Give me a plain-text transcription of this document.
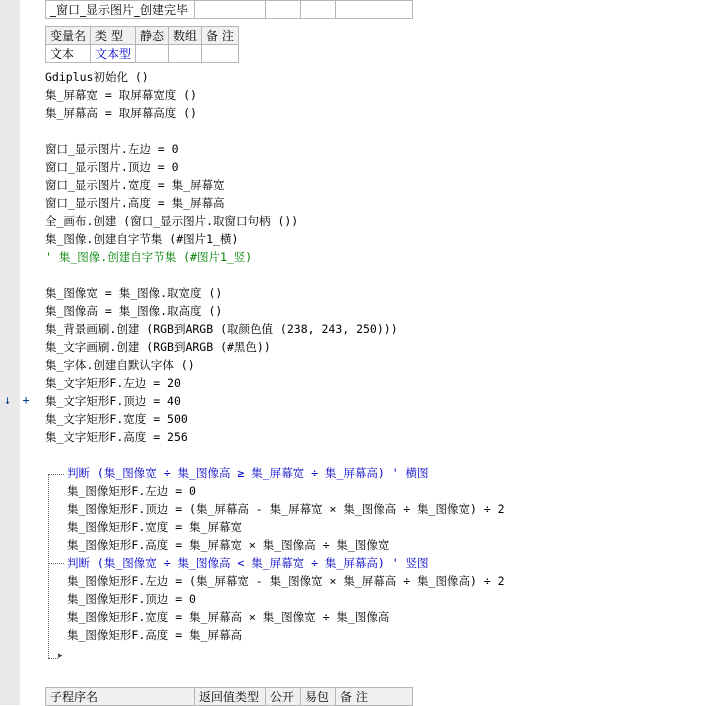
↓ +
_窗口_显示图片_创建完毕				
变量名	类 型	静态	数组	备 注
文本	文本型			
Gdiplus初始化 ()
集_屏幕宽 = 取屏幕宽度 ()
集_屏幕高 = 取屏幕高度 ()
窗口_显示图片.左边 = 0
窗口_显示图片.顶边 = 0
窗口_显示图片.宽度 = 集_屏幕宽
窗口_显示图片.高度 = 集_屏幕高
全_画布.创建 (窗口_显示图片.取窗口句柄 ())
集_图像.创建自字节集 (#图片1_横)
' 集_图像.创建自字节集 (#图片1_竖)
集_图像宽 = 集_图像.取宽度 ()
集_图像高 = 集_图像.取高度 ()
集_背景画刷.创建 (RGB到ARGB (取颜色值 (238, 243, 250)))
集_文字画刷.创建 (RGB到ARGB (#黑色))
集_字体.创建自默认字体 ()
集_文字矩形F.左边 = 20
集_文字矩形F.顶边 = 40
集_文字矩形F.宽度 = 500
集_文字矩形F.高度 = 256
判断 (集_图像宽 ÷ 集_图像高 ≥ 集_屏幕宽 ÷ 集_屏幕高) ' 横图
集_图像矩形F.左边 = 0
集_图像矩形F.顶边 = (集_屏幕高 - 集_屏幕宽 × 集_图像高 ÷ 集_图像宽) ÷ 2
集_图像矩形F.宽度 = 集_屏幕宽
集_图像矩形F.高度 = 集_屏幕宽 × 集_图像高 ÷ 集_图像宽
判断 (集_图像宽 ÷ 集_图像高 < 集_屏幕宽 ÷ 集_屏幕高) ' 竖图
集_图像矩形F.左边 = (集_屏幕宽 - 集_图像宽 × 集_屏幕高 ÷ 集_图像高) ÷ 2
集_图像矩形F.顶边 = 0
集_图像矩形F.宽度 = 集_屏幕高 × 集_图像宽 ÷ 集_图像高
集_图像矩形F.高度 = 集_屏幕高
▸
子程序名	返回值类型	公开	易包	备 注
